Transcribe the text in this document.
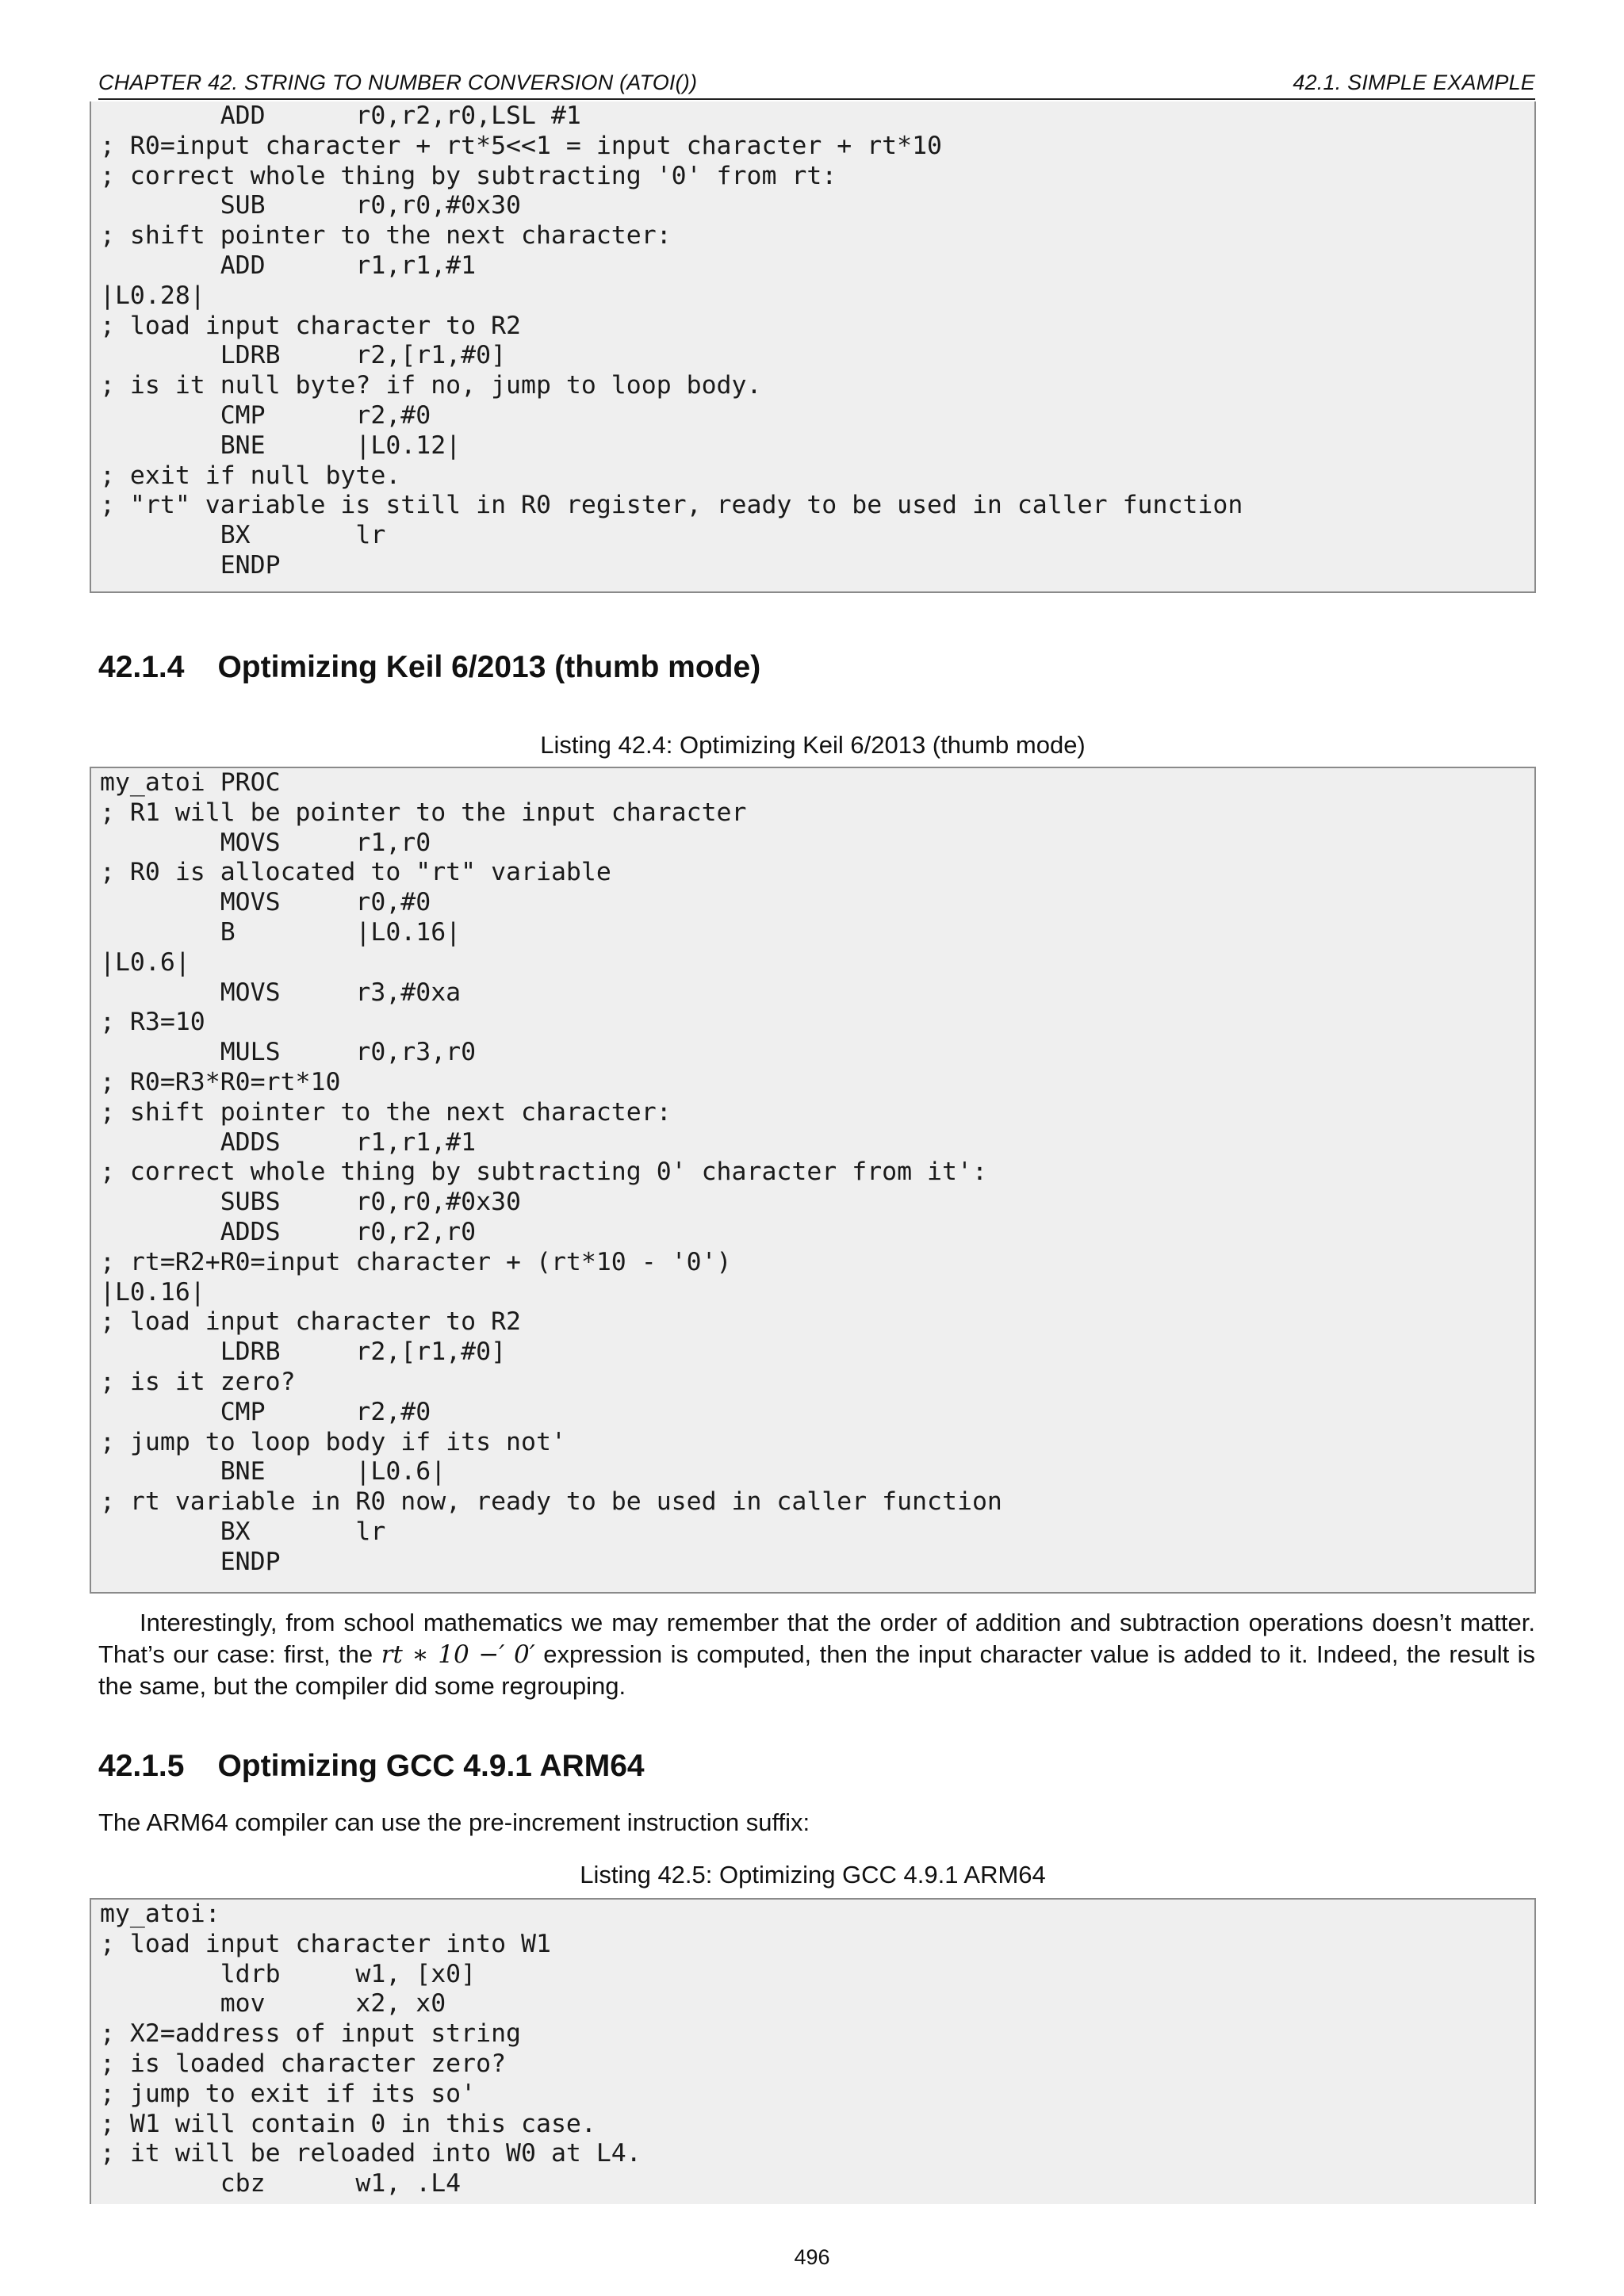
CHAPTER 42. STRING TO NUMBER CONVERSION (ATOI())	42.1. SIMPLE EXAMPLE
ADD      r0,r2,r0,LSL #1
; R0=input character + rt*5<<1 = input character + rt*10
; correct whole thing by subtracting '0' from rt:
SUB      r0,r0,#0x30
; shift pointer to the next character:
ADD      r1,r1,#1
|L0.28|
; load input character to R2
LDRB     r2,[r1,#0]
; is it null byte? if no, jump to loop body.
CMP      r2,#0
BNE      |L0.12|
; exit if null byte.
; "rt" variable is still in R0 register, ready to be used in caller function
BX       lr
ENDP
42.1.4 Optimizing Keil 6/2013 (thumb mode)
Listing 42.4: Optimizing Keil 6/2013 (thumb mode)
my_atoi PROC
; R1 will be pointer to the input character
MOVS     r1,r0
; R0 is allocated to "rt" variable
MOVS     r0,#0
B        |L0.16|
|L0.6|
MOVS     r3,#0xa
; R3=10
MULS     r0,r3,r0
; R0=R3*R0=rt*10
; shift pointer to the next character:
ADDS     r1,r1,#1
; correct whole thing by subtracting 0' character from it':
SUBS     r0,r0,#0x30
ADDS     r0,r2,r0
; rt=R2+R0=input character + (rt*10 - '0')
|L0.16|
; load input character to R2
LDRB     r2,[r1,#0]
; is it zero?
CMP      r2,#0
; jump to loop body if its not'
BNE      |L0.6|
; rt variable in R0 now, ready to be used in caller function
BX       lr
ENDP

Interestingly, from school mathematics we may remember that the order of addition and subtraction operations doesn’t matter. That’s our case: first, the rt ∗ 10 −′ 0′ expression is computed, then the input character value is added to it. Indeed, the result is the same, but the compiler did some regrouping.

42.1.5 Optimizing GCC 4.9.1 ARM64

The ARM64 compiler can use the pre-increment instruction suffix:

Listing 42.5: Optimizing GCC 4.9.1 ARM64
my_atoi:
; load input character into W1
ldrb     w1, [x0]
mov      x2, x0
; X2=address of input string
; is loaded character zero?
; jump to exit if its so'
; W1 will contain 0 in this case.
; it will be reloaded into W0 at L4.
cbz      w1, .L4
496
